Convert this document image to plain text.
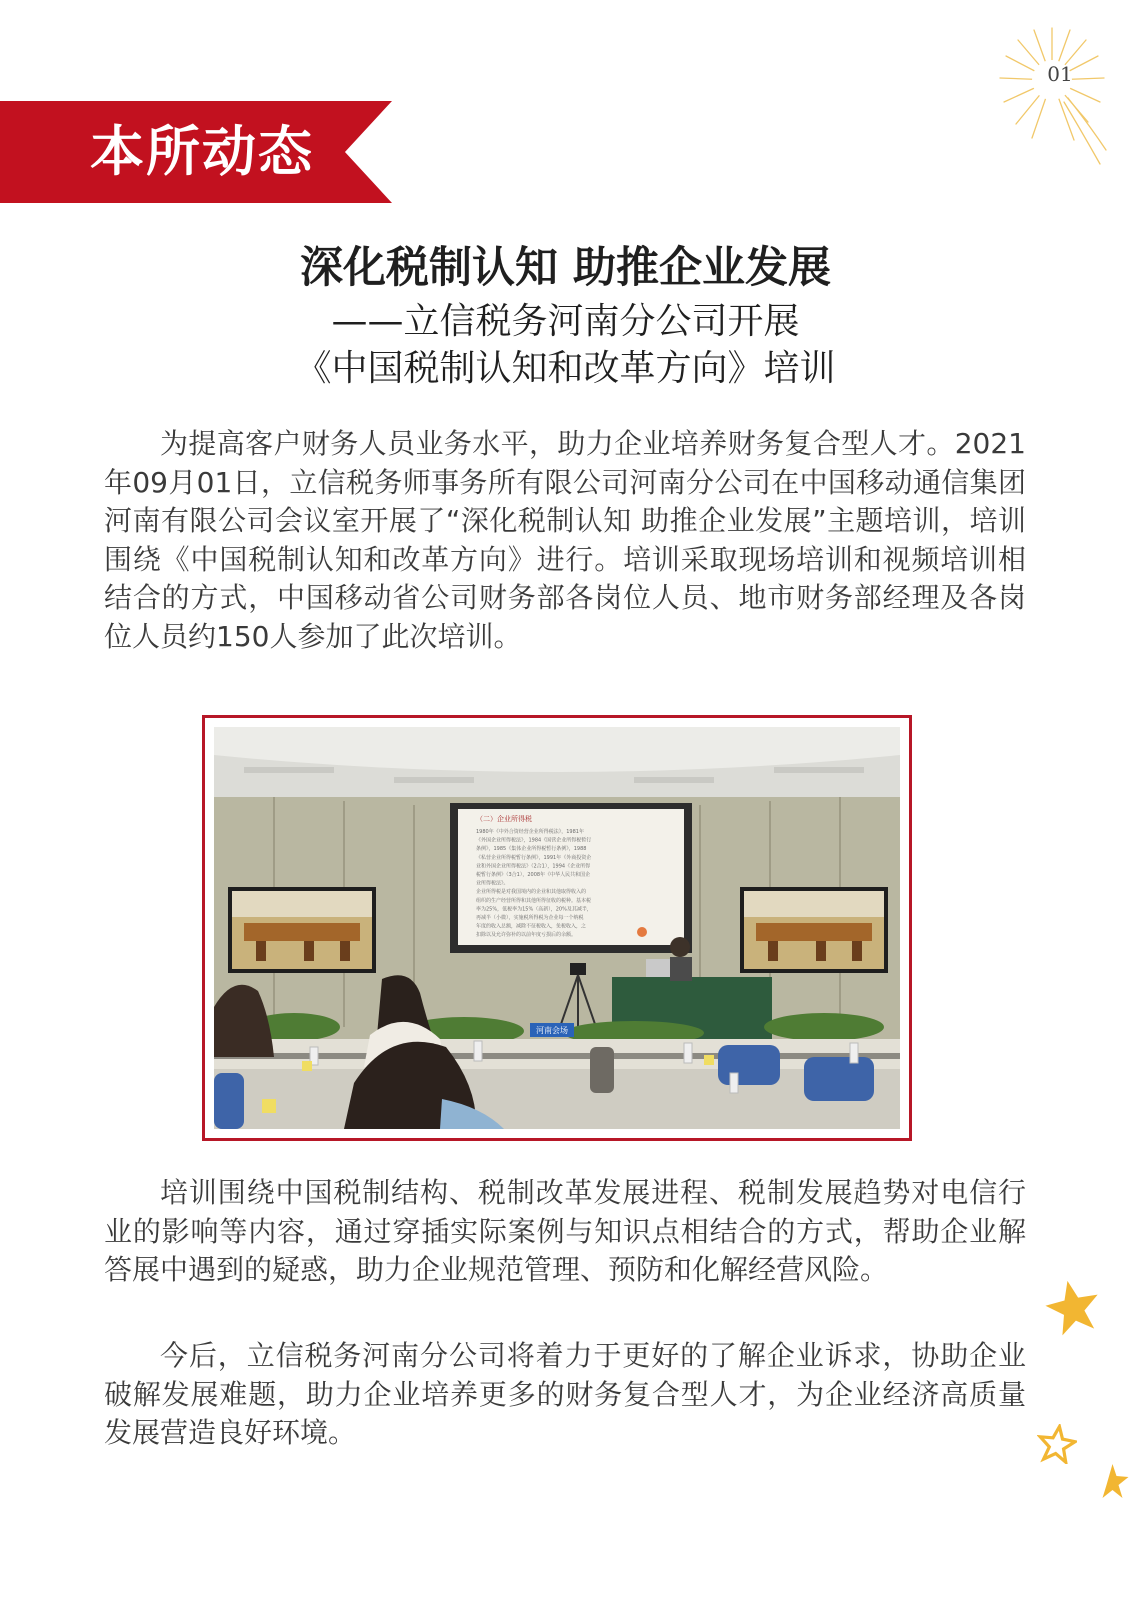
01
本所动态
深化税制认知 助推企业发展
——立信税务河南分公司开展
《中国税制认知和改革方向》培训

为提高客户财务人员业务水平，助力企业培养财务复合型人才。2021年09月01日，立信税务师事务所有限公司河南分公司在中国移动通信集团河南有限公司会议室开展了“深化税制认知 助推企业发展”主题培训，培训围绕《中国税制认知和改革方向》进行。培训采取现场培训和视频培训相结合的方式，中国移动省公司财务部各岗位人员、地市财务部经理及各岗位人员约150人参加了此次培训。

（二）企业所得税
1980年《中外合资经营企业所得税法》，1981年
《外国企业所得税法》，1984《国营企业所得税暂行
条例》，1985《集体企业所得税暂行条例》，1988
《私营企业所得税暂行条例》，1991年《外商投资企
业和外国企业所得税法》（2合1），1994《企业所得
税暂行条例》（3合1），2008年《中华人民共和国企
业所得税法》。
企业所得税是对我国境内的企业和其他取得收入的
组织的生产经营所得和其他所得征收的税种。基本税
率为25%，低税率为15%（高新），20%及其减半，
再减半（小微），实施税所得税为企业每一个纳税
年度的收入总额，减除不征税收入，免税收入，之
扣除以及允许弥补的以前年度亏损后的余额。
河南会场

培训围绕中国税制结构、税制改革发展进程、税制发展趋势对电信行业的影响等内容，通过穿插实际案例与知识点相结合的方式，帮助企业解答展中遇到的疑惑，助力企业规范管理、预防和化解经营风险。

今后，立信税务河南分公司将着力于更好的了解企业诉求，协助企业破解发展难题，助力企业培养更多的财务复合型人才，为企业经济高质量发展营造良好环境。
